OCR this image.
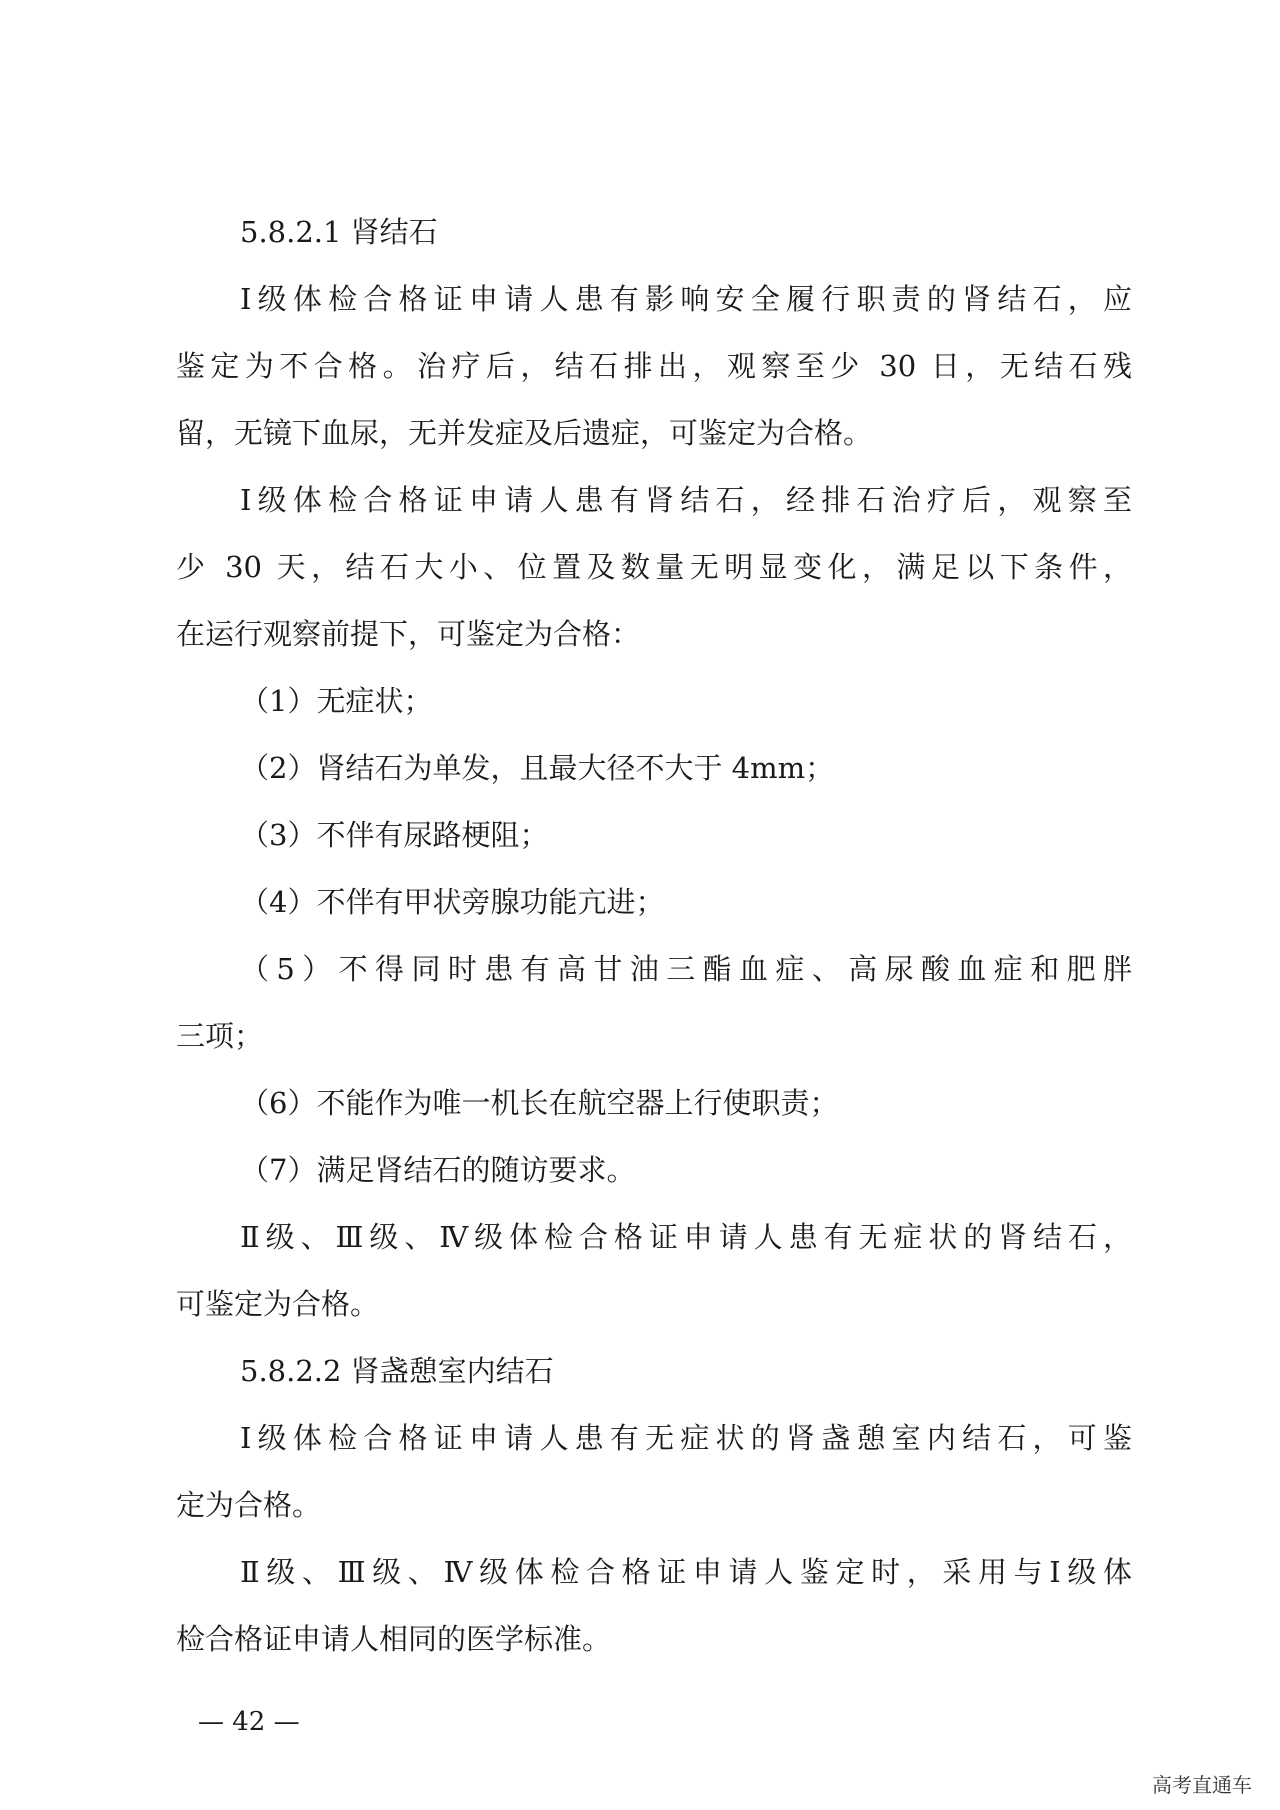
5.8.2.1 肾结石
Ⅰ级体检合格证申请人患有影响安全履行职责的肾结石，应
鉴定为不合格。治疗后，结石排出，观察至少 30 日，无结石残
留，无镜下血尿，无并发症及后遗症，可鉴定为合格。
Ⅰ级体检合格证申请人患有肾结石，经排石治疗后，观察至
少 30 天，结石大小、位置及数量无明显变化，满足以下条件，
在运行观察前提下，可鉴定为合格：
（1）无症状；
（2）肾结石为单发，且最大径不大于 4mm；
（3）不伴有尿路梗阻；
（4）不伴有甲状旁腺功能亢进；
（5）不得同时患有高甘油三酯血症、高尿酸血症和肥胖
三项；
（6）不能作为唯一机长在航空器上行使职责；
（7）满足肾结石的随访要求。
Ⅱ级、Ⅲ级、Ⅳ级体检合格证申请人患有无症状的肾结石，
可鉴定为合格。
5.8.2.2 肾盏憩室内结石
Ⅰ级体检合格证申请人患有无症状的肾盏憩室内结石，可鉴
定为合格。
Ⅱ级、Ⅲ级、Ⅳ级体检合格证申请人鉴定时，采用与Ⅰ级体
检合格证申请人相同的医学标准。
— 42 —
高考直通车
